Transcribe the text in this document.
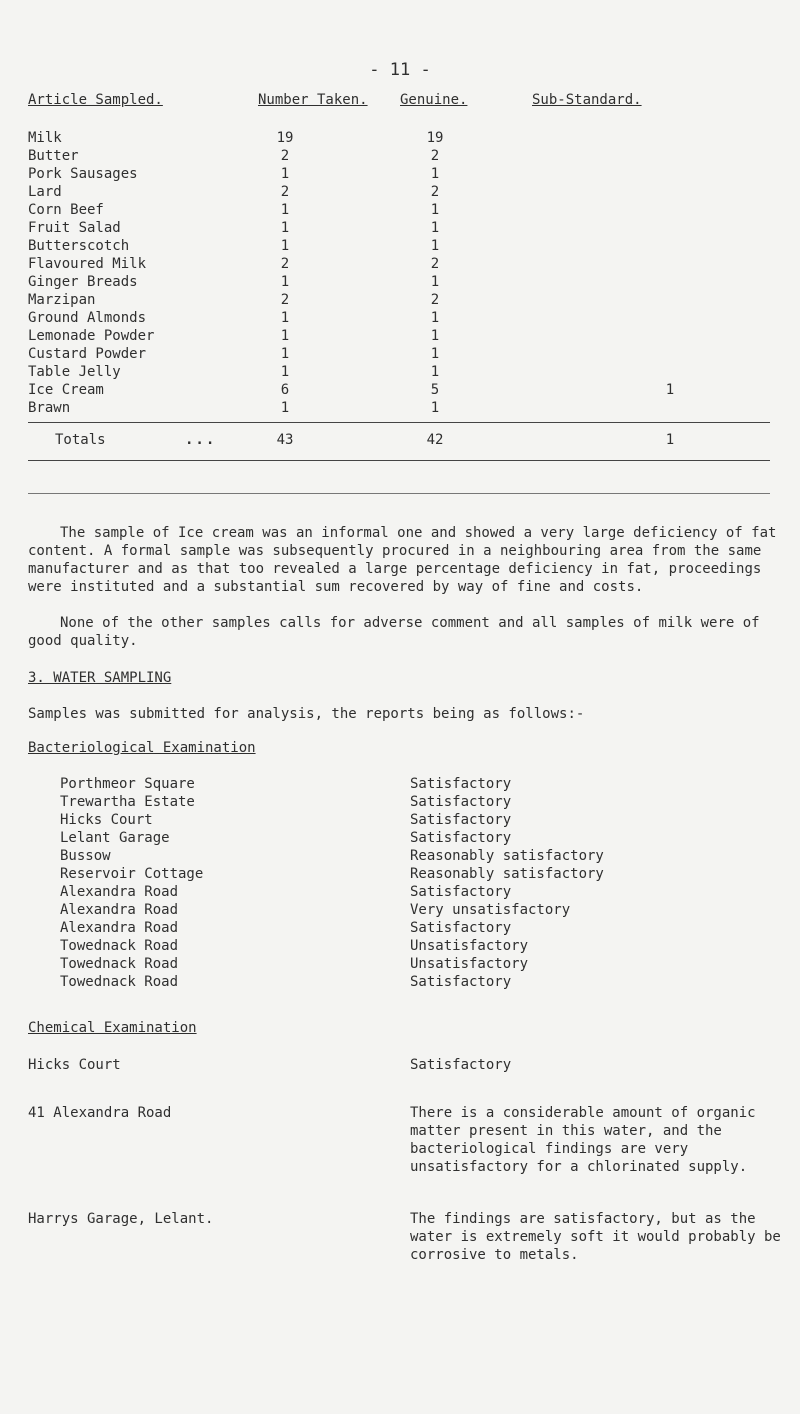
- 11 -
Article Sampled.	Number Taken. Genuine.	Sub-Standard.
Milk	19	19
Butter	2	2
Pork Sausages	1	1
Lard	2	2
Corn Beef	1	1
Fruit Salad	1	1
Butterscotch	1	1
Flavoured Milk	2	2
Ginger Breads	1	1
Marzipan	2	2
Ground Almonds	1	1
Lemonade Powder	1	1
Custard Powder	1	1
Table Jelly	1	1
Ice Cream	6	5	1
Brawn	1	1
Totals	...	43	42	1

The sample of Ice cream was an informal one and showed a very large deficiency of fat content. A formal sample was subsequently procured in a neighbouring area from the same manufacturer and as that too revealed a large percentage deficiency in fat, proceedings were instituted and a substantial sum recovered by way of fine and costs.

None of the other samples calls for adverse comment and all samples of milk were of good quality.

3. WATER SAMPLING
Samples was submitted for analysis, the reports being as follows:-
Bacteriological Examination
Porthmeor Square	Satisfactory
Trewartha Estate	Satisfactory
Hicks Court	Satisfactory
Lelant Garage	Satisfactory
Bussow	Reasonably satisfactory
Reservoir Cottage	Reasonably satisfactory
Alexandra Road	Satisfactory
Alexandra Road	Very unsatisfactory
Alexandra Road	Satisfactory
Towednack Road	Unsatisfactory
Towednack Road	Unsatisfactory
Towednack Road	Satisfactory
Chemical Examination
Hicks Court	Satisfactory
41 Alexandra Road	There is a considerable amount of organic matter present in this water, and the bacteriological findings are very unsatisfactory for a chlorinated supply.
Harrys Garage, Lelant.	The findings are satisfactory, but as the water is extremely soft it would probably be corrosive to metals.
